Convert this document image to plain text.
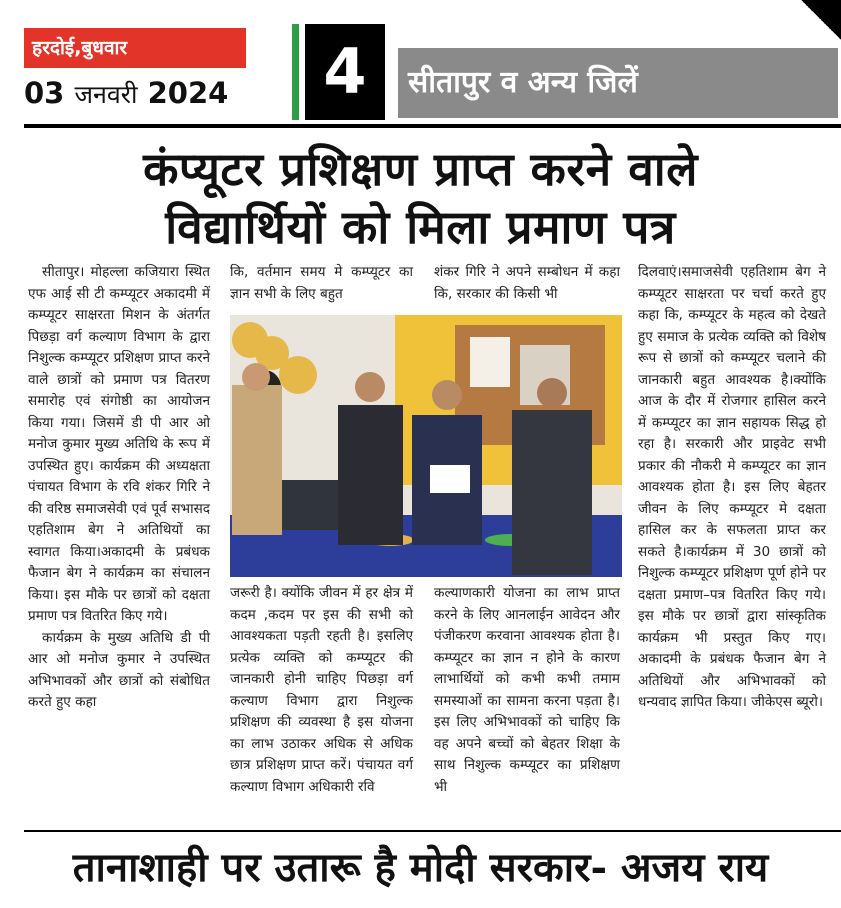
हरदोई,बुधवार
03 जनवरी 2024 4	सीतापुर व अन्य जिलें
कंप्यूटर प्रशिक्षण प्राप्त करने वाले
विद्यार्थियों को मिला प्रमाण पत्र

सीतापुर। मोहल्ला कजियारा स्थित एफ आई सी टी कम्प्यूटर अकादमी में कम्प्यूटर साक्षरता मिशन के अंतर्गत पिछड़ा वर्ग कल्याण विभाग के द्वारा निशुल्क कम्प्यूटर प्रशिक्षण प्राप्त करने वाले छात्रों को प्रमाण पत्र वितरण समारोह एवं संगोष्ठी का आयोजन किया गया। जिसमें डी पी आर ओ मनोज कुमार मुख्य अतिथि के रूप में उपस्थित हुए। कार्यक्रम की अध्यक्षता पंचायत विभाग के रवि शंकर गिरि ने की वरिष्ठ समाजसेवी एवं पूर्व सभासद एहतिशाम बेग ने अतिथियों का स्वागत किया।अकादमी के प्रबंधक फैजान बेग ने कार्यक्रम का संचालन किया। इस मौके पर छात्रों को दक्षता प्रमाण पत्र वितरित किए गये।

कार्यक्रम के मुख्य अतिथि डी पी आर ओ मनोज कुमार ने उपस्थित अभिभावकों और छात्रों को संबोधित करते हुए कहा

कि, वर्तमान समय मे कम्प्यूटर का ज्ञान सभी के लिए बहुत

शंकर गिरि ने अपने सम्बोधन में कहा कि, सरकार की किसी भी

जरूरी है। क्योंकि जीवन में हर क्षेत्र में कदम ,कदम पर इस की सभी को आवश्यकता पड़ती रहती है। इसलिए प्रत्येक व्यक्ति को कम्प्यूटर की जानकारी होनी चाहिए पिछड़ा वर्ग कल्याण विभाग द्वारा निशुल्क प्रशिक्षण की व्यवस्था है इस योजना का लाभ उठाकर अधिक से अधिक छात्र प्रशिक्षण प्राप्त करें। पंचायत वर्ग कल्याण विभाग अधिकारी रवि

कल्याणकारी योजना का लाभ प्राप्त करने के लिए आनलाईन आवेदन और पंजीकरण करवाना आवश्यक होता है।कम्प्यूटर का ज्ञान न होने के कारण लाभार्थियों को कभी कभी तमाम समस्याओं का सामना करना पड़ता है। इस लिए अभिभावकों को चाहिए कि वह अपने बच्चों को बेहतर शिक्षा के साथ निशुल्क कम्प्यूटर का प्रशिक्षण भी

दिलवाएं।समाजसेवी एहतिशाम बेग ने कम्प्यूटर साक्षरता पर चर्चा करते हुए कहा कि, कम्प्यूटर के महत्व को देखते हुए समाज के प्रत्येक व्यक्ति को विशेष रूप से छात्रों को कम्प्यूटर चलाने की जानकारी बहुत आवश्यक है।क्योंकि आज के दौर में रोजगार हासिल करने में कम्प्यूटर का ज्ञान सहायक सिद्ध हो रहा है। सरकारी और प्राइवेट सभी प्रकार की नौकरी मे कम्प्यूटर का ज्ञान आवश्यक होता है। इस लिए बेहतर जीवन के लिए कम्प्यूटर मे दक्षता हासिल कर के सफलता प्राप्त कर सकते है।कार्यक्रम में 30 छात्रों को निशुल्क कम्प्यूटर प्रशिक्षण पूर्ण होने पर दक्षता प्रमाण–पत्र वितरित किए गये। इस मौके पर छात्रों द्वारा सांस्कृतिक कार्यक्रम भी प्रस्तुत किए गए। अकादमी के प्रबंधक फैजान बेग ने अतिथियों और अभिभावकों को धन्यवाद ज्ञापित किया। जीकेएस ब्यूरो।

तानाशाही पर उतारू है मोदी सरकार- अजय राय
